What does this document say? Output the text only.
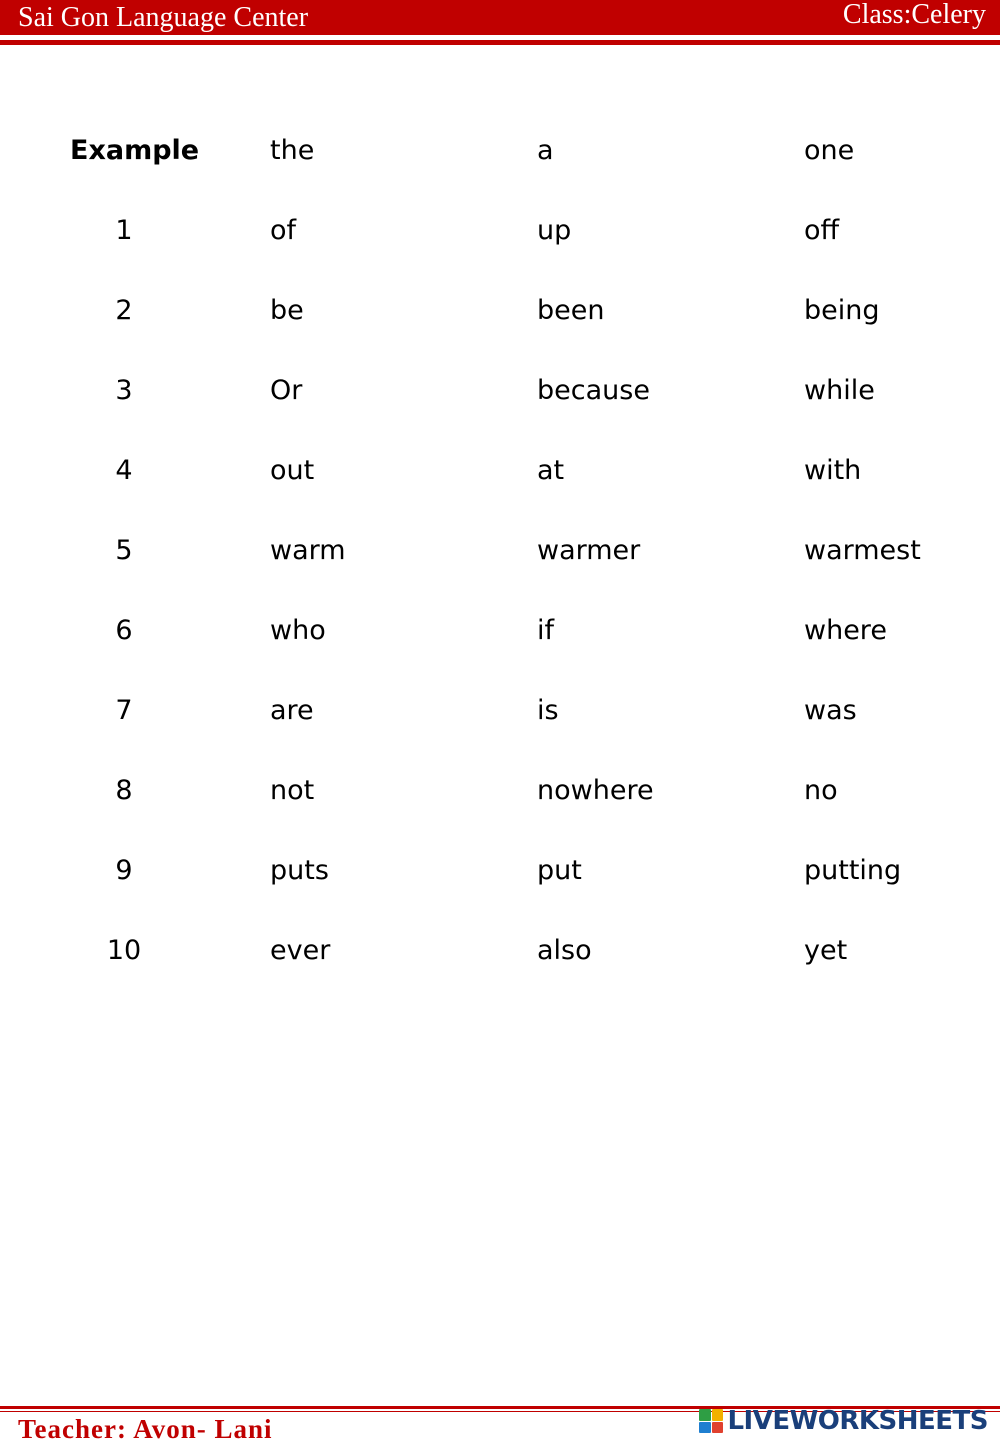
Sai Gon Language Center	Class:Celery
Example	the	a	one
1	of	up	off
2	be	been	being
3	Or	because	while
4	out	at	with
5	warm	warmer	warmest
6	who	if	where
7	are	is	was
8	not	nowhere	no
9	puts	put	putting
10	ever	also	yet
Teacher: Avon- Lani	LIVEWORKSHEETS
